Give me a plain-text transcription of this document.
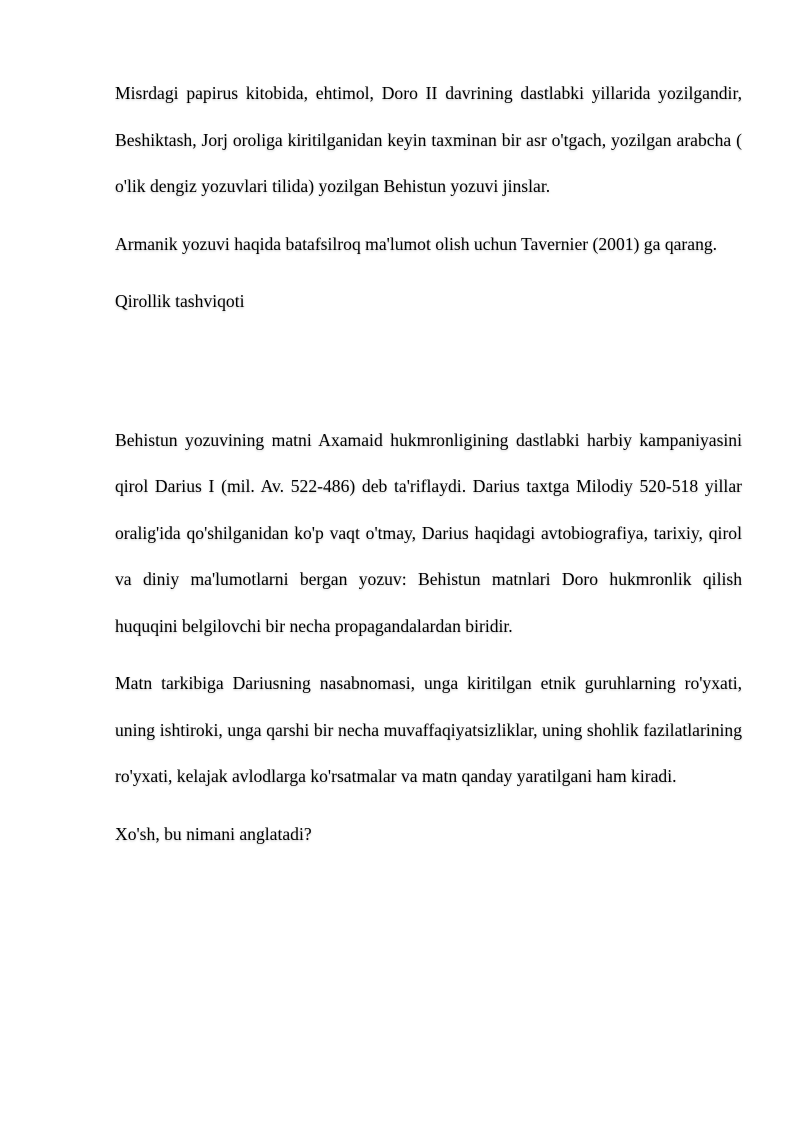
Misrdagi papirus kitobida, ehtimol, Doro II davrining dastlabki yillarida yozilgandir, Beshiktash, Jorj oroliga kiritilganidan keyin taxminan bir asr o'tgach, yozilgan arabcha ( o'lik dengiz yozuvlari tilida) yozilgan Behistun yozuvi jinslar.

Armanik yozuvi haqida batafsilroq ma'lumot olish uchun Tavernier (2001) ga qarang.

Qirollik tashviqoti

Behistun yozuvining matni Axamaid hukmronligining dastlabki harbiy kampaniyasini qirol Darius I (mil. Av. 522-486) deb ta'riflaydi. Darius taxtga Milodiy 520-518 yillar oralig'ida qo'shilganidan ko'p vaqt o'tmay, Darius haqidagi avtobiografiya, tarixiy, qirol va diniy ma'lumotlarni bergan yozuv: Behistun matnlari Doro hukmronlik qilish huquqini belgilovchi bir necha propagandalardan biridir.

Matn tarkibiga Dariusning nasabnomasi, unga kiritilgan etnik guruhlarning ro'yxati, uning ishtiroki, unga qarshi bir necha muvaffaqiyatsizliklar, uning shohlik fazilatlarining ro'yxati, kelajak avlodlarga ko'rsatmalar va matn qanday yaratilgani ham kiradi.

Xo'sh, bu nimani anglatadi?
